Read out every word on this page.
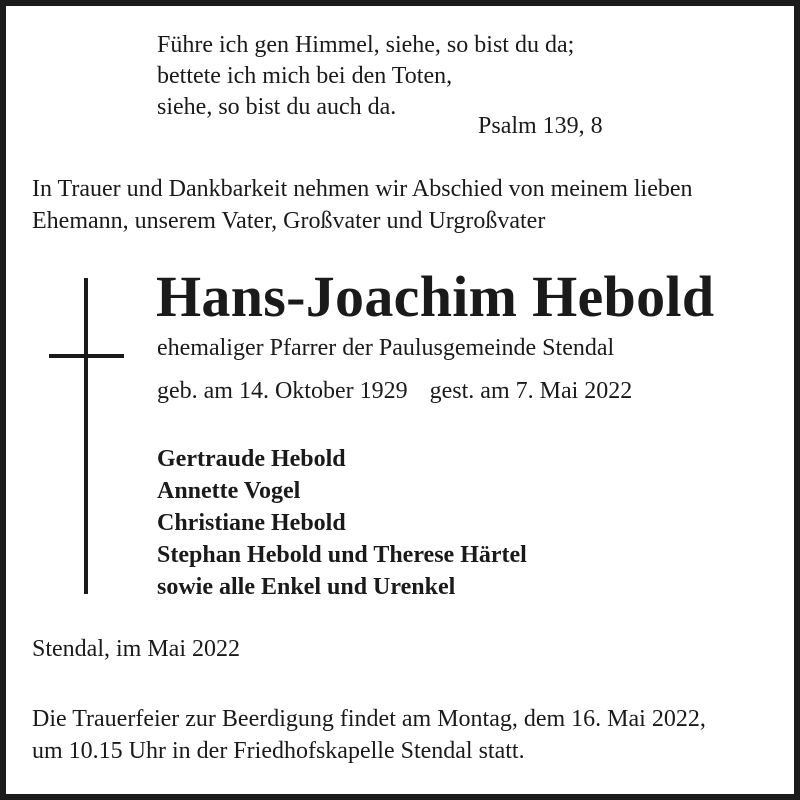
Führe ich gen Himmel, siehe, so bist du da;
bettete ich mich bei den Toten,
siehe, so bist du auch da.
Psalm 139, 8
In Trauer und Dankbarkeit nehmen wir Abschied von meinem lieben
Ehemann, unserem Vater, Großvater und Urgroßvater
Hans-Joachim Hebold
ehemaliger Pfarrer der Paulusgemeinde Stendal
geb. am 14. Oktober 1929 gest. am 7. Mai 2022
Gertraude Hebold
Annette Vogel
Christiane Hebold
Stephan Hebold und Therese Härtel
sowie alle Enkel und Urenkel
Stendal, im Mai 2022
Die Trauerfeier zur Beerdigung findet am Montag, dem 16. Mai 2022,
um 10.15 Uhr in der Friedhofskapelle Stendal statt.
